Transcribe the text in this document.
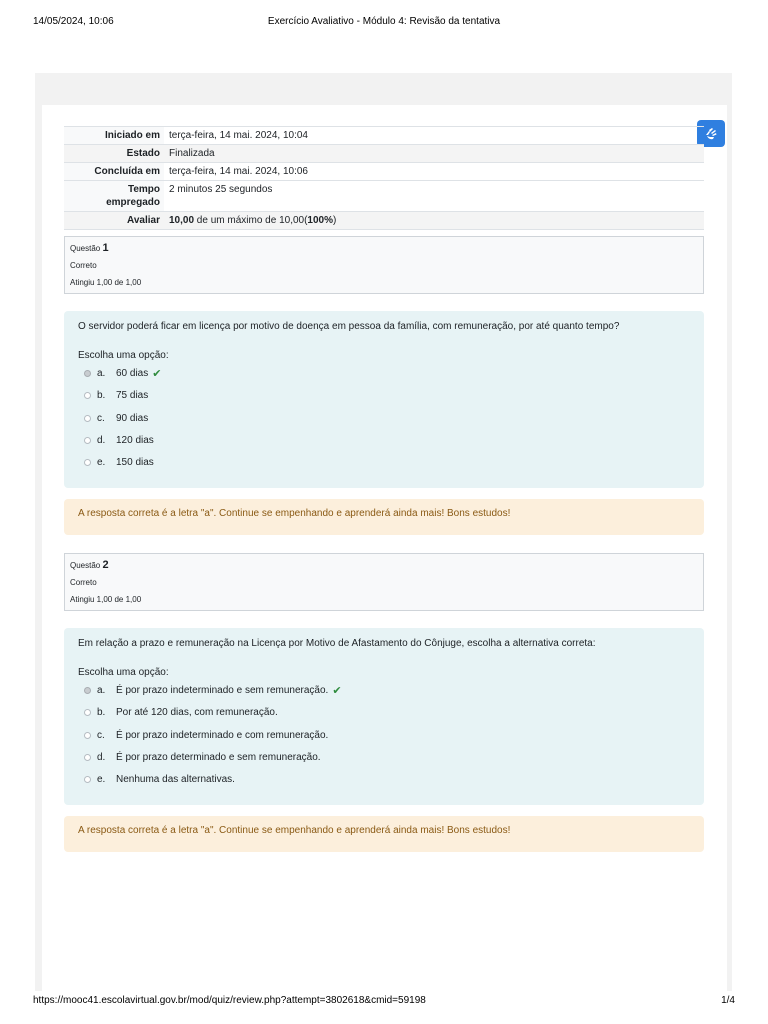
14/05/2024, 10:06	Exercício Avaliativo - Módulo 4: Revisão da tentativa
Iniciado em	terça-feira, 14 mai. 2024, 10:04
Estado	Finalizada
Concluída em	terça-feira, 14 mai. 2024, 10:06
Tempo
empregado	2 minutos 25 segundos
Avaliar	10,00 de um máximo de 10,00(100%)
Questão 1
Correto
Atingiu 1,00 de 1,00
O servidor poderá ficar em licença por motivo de doença em pessoa da família, com remuneração, por até quanto tempo?
Escolha uma opção:
a.	60 dias ✔
b.	75 dias
c.	90 dias
d.	120 dias
e.	150 dias
A resposta correta é a letra "a". Continue se empenhando e aprenderá ainda mais! Bons estudos!
Questão 2
Correto
Atingiu 1,00 de 1,00
Em relação a prazo e remuneração na Licença por Motivo de Afastamento do Cônjuge, escolha a alternativa correta:
Escolha uma opção:
a.	É por prazo indeterminado e sem remuneração. ✔
b.	Por até 120 dias, com remuneração.
c.	É por prazo indeterminado e com remuneração.
d.	É por prazo determinado e sem remuneração.
e.	Nenhuma das alternativas.
A resposta correta é a letra "a". Continue se empenhando e aprenderá ainda mais! Bons estudos!
https://mooc41.escolavirtual.gov.br/mod/quiz/review.php?attempt=3802618&cmid=59198	1/4
